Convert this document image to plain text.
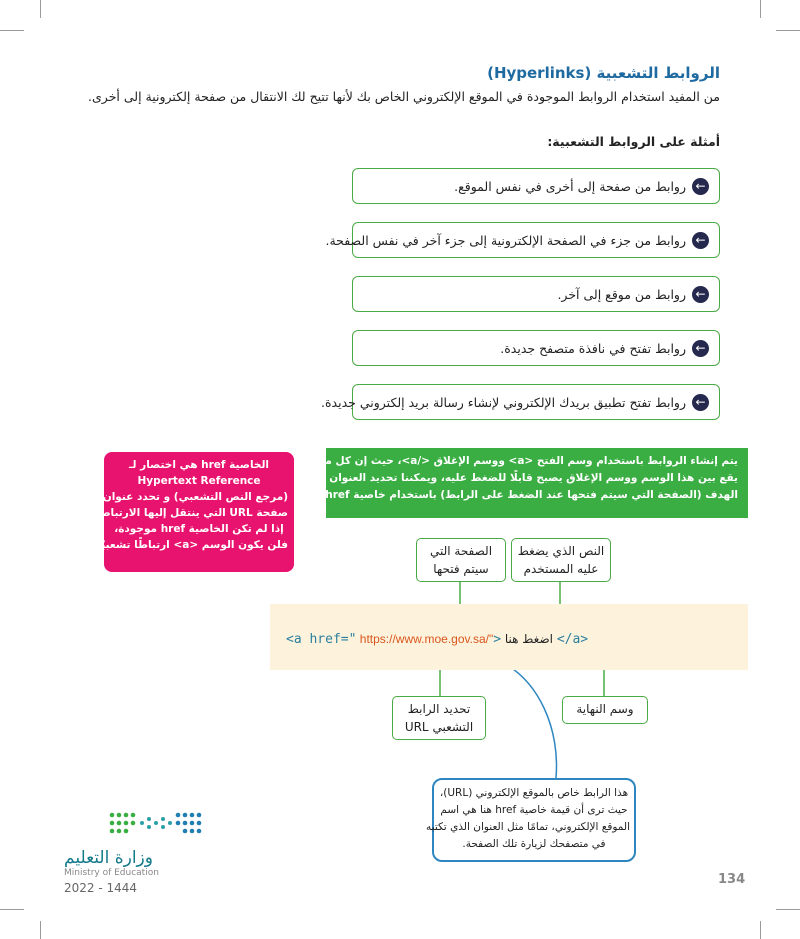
الروابط التشعبية (Hyperlinks)
من المفيد استخدام الروابط الموجودة في الموقع الإلكتروني الخاص بك لأنها تتيح لك الانتقال من صفحة إلكترونية إلى أخرى.
أمثلة على الروابط التشعبية:
←
روابط من صفحة إلى أخرى في نفس الموقع.
←
روابط من جزء في الصفحة الإلكترونية إلى جزء آخر في نفس الصفحة.
←
روابط من موقع إلى آخر.
←
روابط تفتح في نافذة متصفح جديدة.
←
روابط تفتح تطبيق بريدك الإلكتروني لإنشاء رسالة بريد إلكتروني جديدة.
الخاصية href هي اختصار لـ
Hypertext Reference
(مرجع النص التشعبي) و تحدد عنوان
صفحة URL التي ينتقل إليها الارتباط.
إذا لم تكن الخاصية href موجودة،
فلن يكون الوسم <a> ارتباطًا تشعبيًا.
يتم إنشاء الروابط باستخدام وسم الفتح <a> ووسم الإغلاق </a>، حيث إن كل ما
يقع بين هذا الوسم ووسم الإغلاق يصبح قابلًا للضغط عليه، ويمكننا تحديد العنوان
الهدف (الصفحة التي سيتم فتحها عند الضغط على الرابط) باستخدام خاصية href.
الصفحة التي
سيتم فتحها
النص الذي يضغط
عليه المستخدم
<a href=" https://www.moe.gov.sa/"> اضغط هنا </a>
تحديد الرابط
التشعبي URL
وسم النهاية
هذا الرابط خاص بالموقع الإلكتروني (URL)،
حيث ترى أن قيمة خاصية href هنا هي اسم
الموقع الإلكتروني، تمامًا مثل العنوان الذي تكتبه
في متصفحك لزيارة تلك الصفحة.
وزارة التعليم
Ministry of Education
2022 - 1444
134
